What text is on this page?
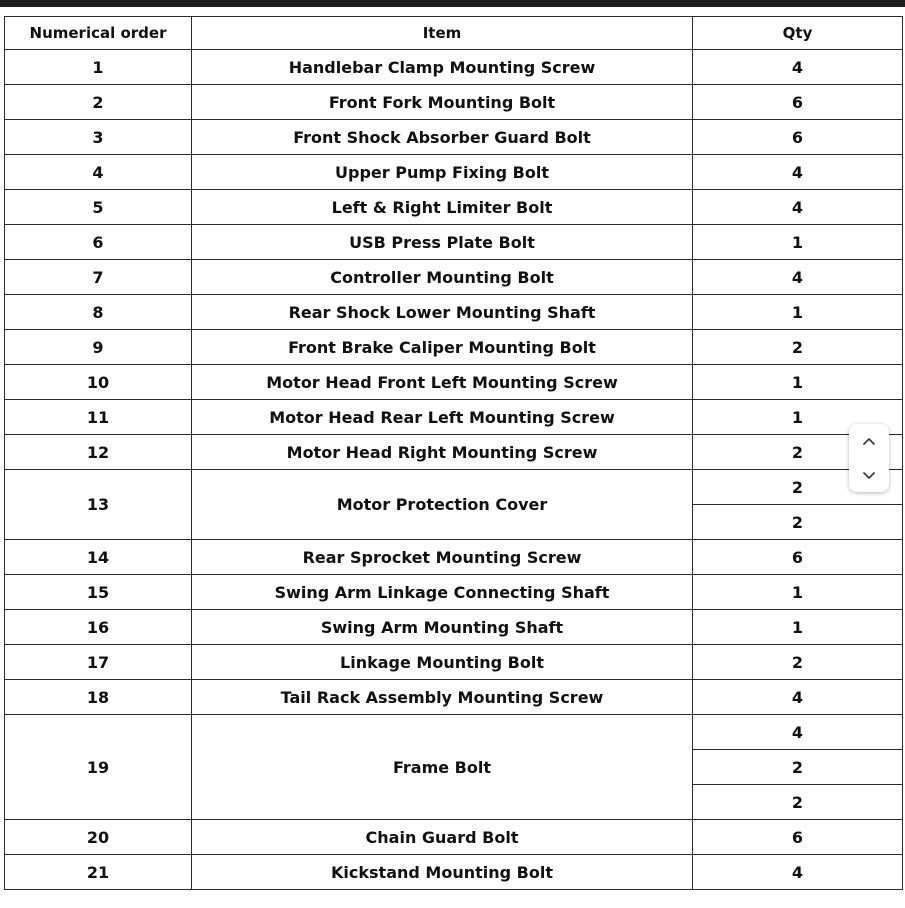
Numerical order	Item	Qty
1	Handlebar Clamp Mounting Screw	4
2	Front Fork Mounting Bolt	6
3	Front Shock Absorber Guard Bolt	6
4	Upper Pump Fixing Bolt	4
5	Left & Right Limiter Bolt	4
6	USB Press Plate Bolt	1
7	Controller Mounting Bolt	4
8	Rear Shock Lower Mounting Shaft	1
9	Front Brake Caliper Mounting Bolt	2
10	Motor Head Front Left Mounting Screw	1
11	Motor Head Rear Left Mounting Screw	1
12	Motor Head Right Mounting Screw	2
13	Motor Protection Cover	2
		2
14	Rear Sprocket Mounting Screw	6
15	Swing Arm Linkage Connecting Shaft	1
16	Swing Arm Mounting Shaft	1
17	Linkage Mounting Bolt	2
18	Tail Rack Assembly Mounting Screw	4
19	Frame Bolt	4
		2
		2
20	Chain Guard Bolt	6
21	Kickstand Mounting Bolt	4
